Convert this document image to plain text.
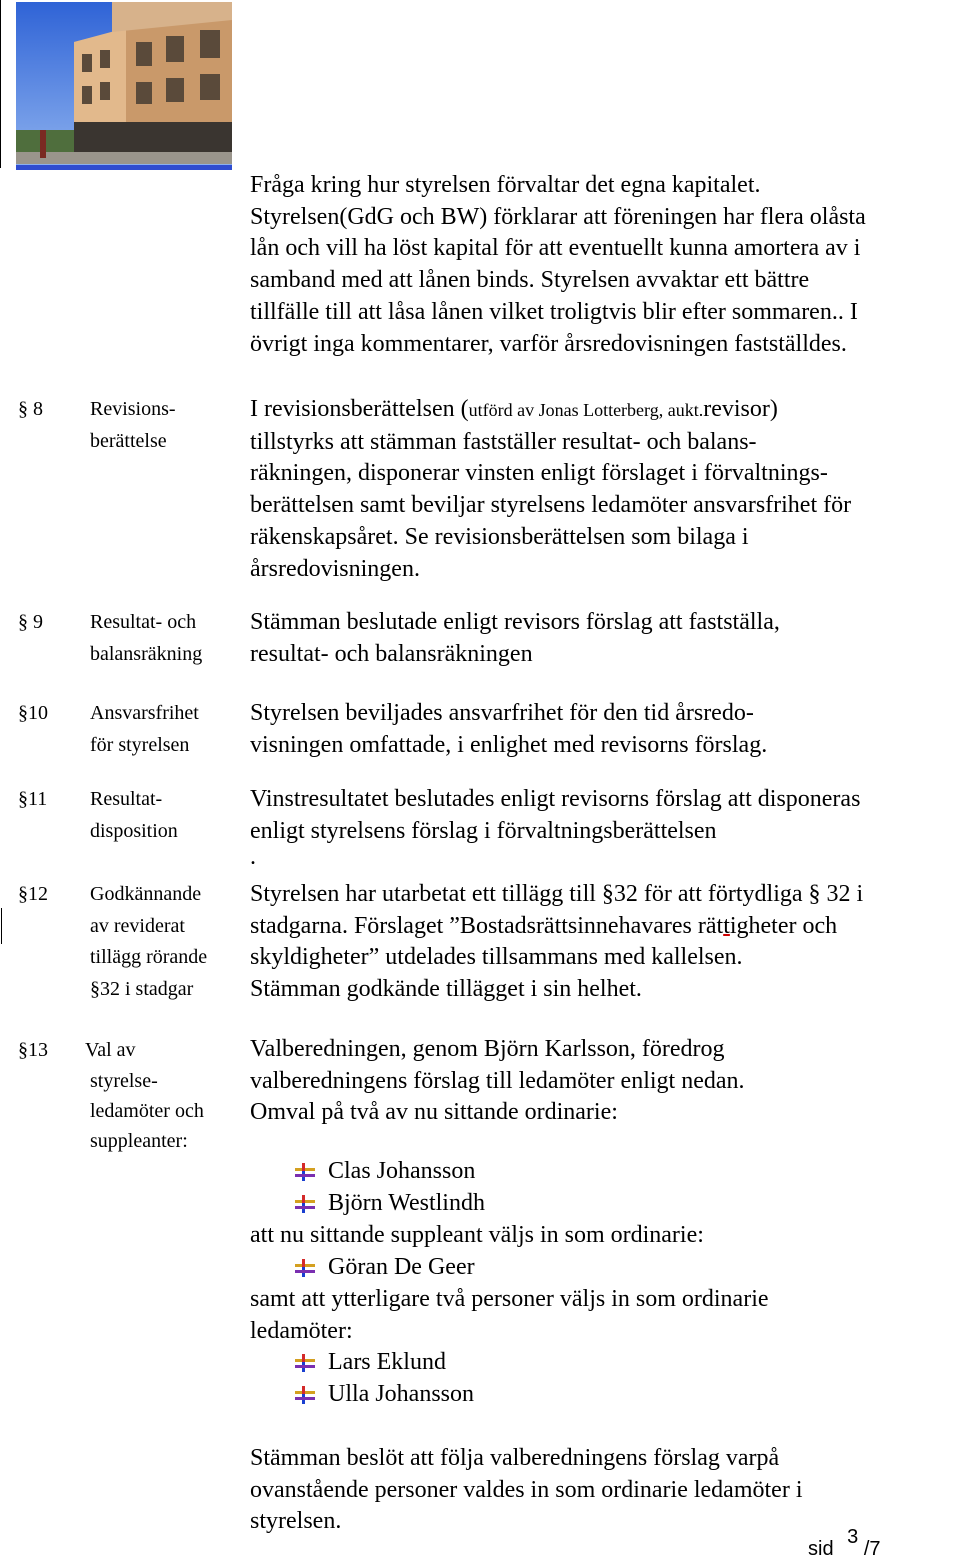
Fråga kring hur styrelsen förvaltar det egna kapitalet.
Styrelsen(GdG och BW) förklarar att föreningen har flera olåsta
lån och vill ha löst kapital för att eventuellt kunna amortera av i
samband med att lånen binds. Styrelsen avvaktar ett bättre
tillfälle till att låsa lånen vilket troligtvis blir efter sommaren.. I
övrigt inga kommentarer, varför årsredovisningen fastställdes.
§ 8 Revisions-
berättelse
I revisionsberättelsen (utförd av Jonas Lotterberg, aukt.revisor)
tillstyrks att stämman fastställer resultat- och balans-
räkningen, disponerar vinsten enligt förslaget i förvaltnings-
berättelsen samt beviljar styrelsens ledamöter ansvarsfrihet för
räkenskapsåret. Se revisionsberättelsen som bilaga i
årsredovisningen.
§ 9 Resultat- och
balansräkning
Stämman beslutade enligt revisors förslag att fastställa,
resultat- och balansräkningen
§10 Ansvarsfrihet
för styrelsen
Styrelsen beviljades ansvarfrihet för den tid årsredo-
visningen omfattade, i enlighet med revisorns förslag.
§11 Resultat-
disposition
Vinstresultatet beslutades enligt revisorns förslag att disponeras
enligt styrelsens förslag i förvaltningsberättelsen
.
§12 Godkännande
av reviderat
tillägg rörande
§32 i stadgar
Styrelsen har utarbetat ett tillägg till §32 för att förtydliga § 32 i
stadgarna. Förslaget ”Bostadsrättsinnehavares rättigheter och
skyldigheter” utdelades tillsammans med kallelsen.
Stämman godkände tillägget i sin helhet.
§13 Val av
styrelse-
ledamöter och
suppleanter:
Valberedningen, genom Björn Karlsson, föredrog
valberedningens förslag till ledamöter enligt nedan.
Omval på två av nu sittande ordinarie:
Clas Johansson
Björn Westlindh
att nu sittande suppleant väljs in som ordinarie:
Göran De Geer
samt att ytterligare två personer väljs in som ordinarie
ledamöter:
Lars Eklund
Ulla Johansson
Stämman beslöt att följa valberedningens förslag varpå
ovanstående personer valdes in som ordinarie ledamöter i
styrelsen.
sid 3 /7
